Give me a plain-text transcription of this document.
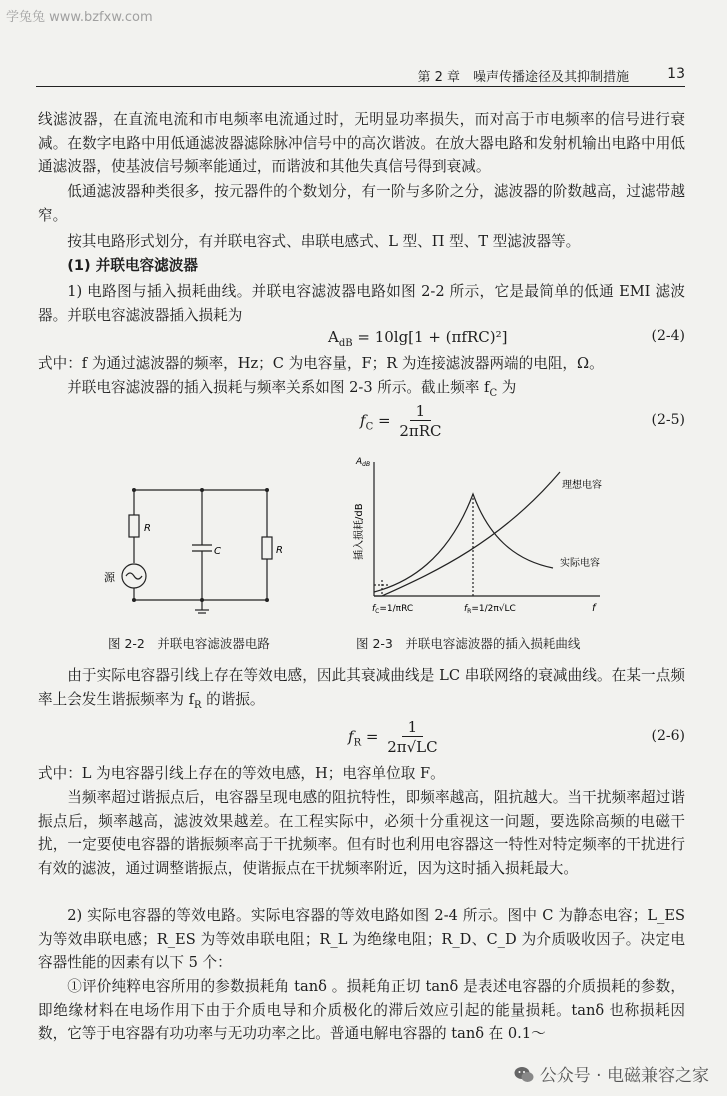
学兔兔 www.bzfxw.com
第 2 章　噪声传播途径及其抑制措施	13
线滤波器，在直流电流和市电频率电流通过时，无明显功率损失，而对高于市电频率的信号进行衰减。在数字电路中用低通滤波器滤除脉冲信号中的高次谐波。在放大器电路和发射机输出电路中用低通滤波器，使基波信号频率能通过，而谐波和其他失真信号得到衰减。
低通滤波器种类很多，按元器件的个数划分，有一阶与多阶之分，滤波器的阶数越高，过滤带越窄。
按其电路形式划分，有并联电容式、串联电感式、L 型、Π 型、T 型滤波器等。
(1) 并联电容滤波器
1) 电路图与插入损耗曲线。并联电容滤波器电路如图 2-2 所示，它是最简单的低通 EMI 滤波器。并联电容滤波器插入损耗为
$A_{dB} = 10\lg[1 + (\pi fRC)^2]$	(2-4)
式中：f 为通过滤波器的频率，Hz；C 为电容量，F；R 为连接滤波器两端的电阻，Ω。
并联电容滤波器的插入损耗与频率关系如图 2-3 所示。截止频率 $f_C$ 为
$f_C = \frac{1}{\text{2πRC}}$	(2-5)
R
C	R
源
图 2-2　并联电容滤波器电路
$A_{dB}$
插入损耗/dB
理想电容
实际电容
$f_C=1$/πRC	$f_R=1/2\pi√LC$	f
图 2-3　并联电容滤波器的插入损耗曲线
由于实际电容器引线上存在等效电感，因此其衰减曲线是 LC 串联网络的衰减曲线。在某一点频率上会发生谐振频率为 $f_R$ 的谐振。
$f_R = \frac{1}{2\pi√LC}$	(2-6)
式中：L 为电容器引线上存在的等效电感，H；电容单位取 F。
当频率超过谐振点后，电容器呈现电感的阻抗特性，即频率越高，阻抗越大。当干扰频率超过谐振点后，频率越高，滤波效果越差。在工程实际中，必须十分重视这一问题，要选除高频的电磁干扰，一定要使电容器的谐振频率高于干扰频率。但有时也利用电容器这一特性对特定频率的干扰进行有效的滤波，通过调整谐振点，使谐振点在干扰频率附近，因为这时插入损耗最大。
2) 实际电容器的等效电路。实际电容器的等效电路如图 2-4 所示。图中 C 为静态电容；L_ES 为等效串联电感；R_ES 为等效串联电阻；R_L 为绝缘电阻；R_D、C_D 为介质吸收因子。决定电容器性能的因素有以下 5 个：
①评价纯粹电容所用的参数损耗角 tanδ 。损耗角正切 tanδ 是表述电容器的介质损耗的参数，即绝缘材料在电场作用下由于介质电导和介质极化的滞后效应引起的能量损耗。tanδ 也称损耗因数，它等于电容器有功功率与无功功率之比。普通电解电容器的 tanδ 在 0.1～
公众号 · 电磁兼容之家
